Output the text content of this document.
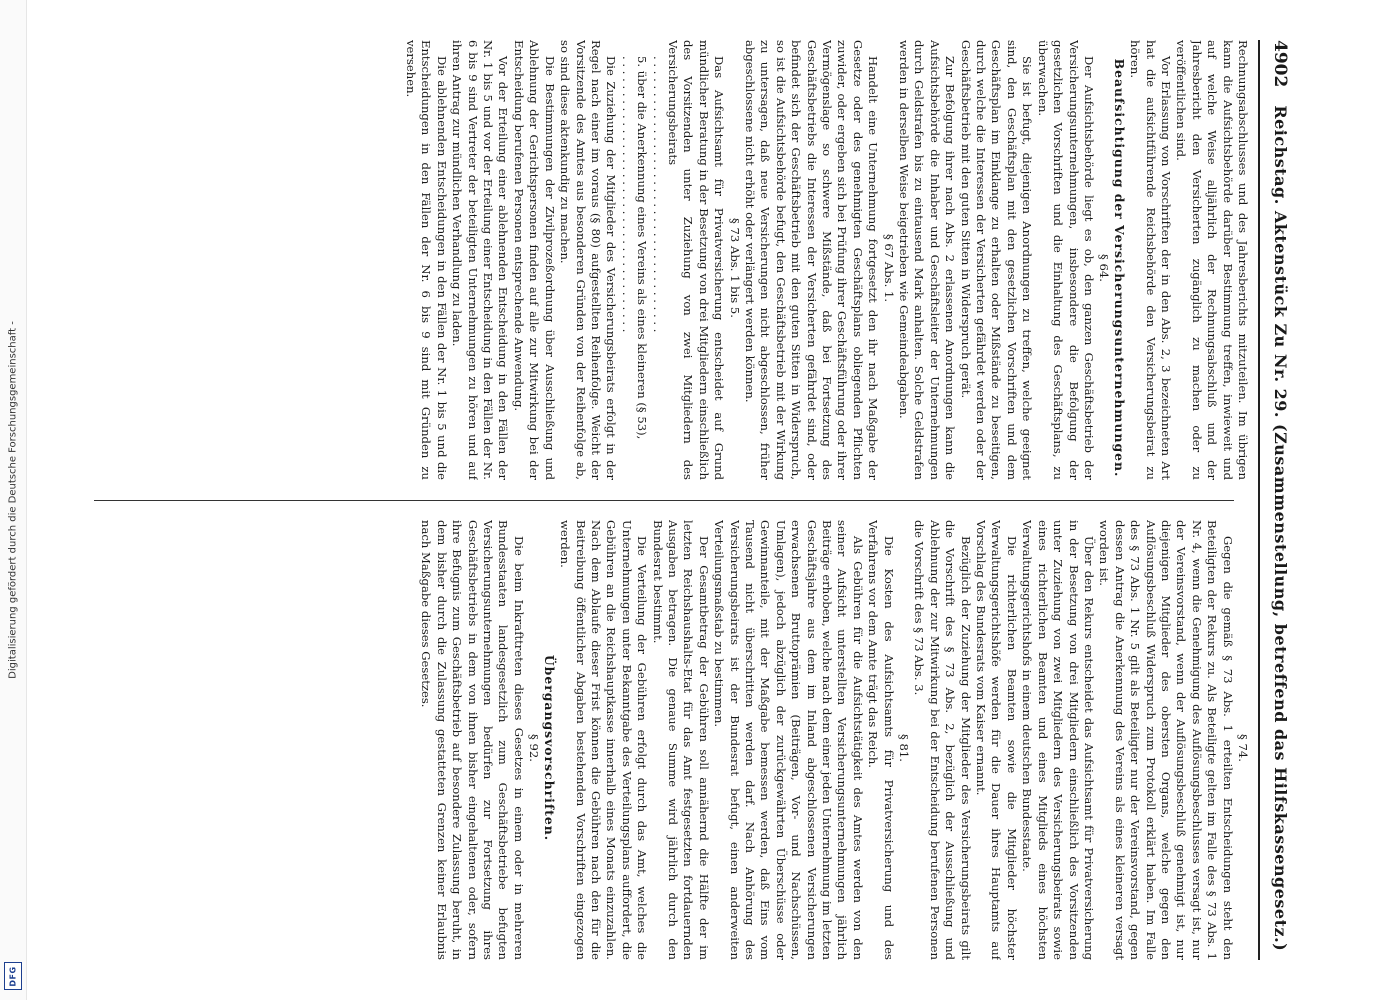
Digitalisierung gefördert durch die Deutsche Forschungsgemeinschaft -
DFG
4902
Reichstag. Aktenstück Zu Nr. 29. (Zusammenstellung, betreffend das Hilfskassengesetz.)

Rechnungsabschlusses und des Jahresberichts mitzuteilen. Im übrigen kann die Aufsichtsbehörde darüber Bestimmung treffen, inwieweit und auf welche Weise alljährlich der Rechnungsabschluß und der Jahresbericht den Versicherten zugänglich zu machen oder zu veröffentlichen sind.

Vor Erlassung von Vorschriften der in den Abs. 2, 3 bezeichneten Art hat die aufsichtführende Reichsbehörde den Versicherungsbeirat zu hören.

Beaufsichtigung der Versicherungsunternehmungen.

§ 64.

Der Aufsichtsbehörde liegt es ob, den ganzen Geschäftsbetrieb der Versicherungsunternehmungen, insbesondere die Befolgung der gesetzlichen Vorschriften und die Einhaltung des Geschäftsplans, zu überwachen.

Sie ist befugt, diejenigen Anordnungen zu treffen, welche geeignet sind, den Geschäftsplan mit den gesetzlichen Vorschriften und dem Geschäftsplan im Einklange zu erhalten oder Mißstände zu beseitigen, durch welche die Interessen der Versicherten gefährdet werden oder der Geschäftsbetrieb mit den guten Sitten in Widerspruch gerät.

Zur Befolgung ihrer nach Abs. 2 erlassenen Anordnungen kann die Aufsichtsbehörde die Inhaber und Geschäftsleiter der Unternehmungen durch Geldstrafen bis zu eintausend Mark anhalten. Solche Geldstrafen werden in derselben Weise beigetrieben wie Gemeindeabgaben.

§ 67 Abs. 1.

Handelt eine Unternehmung fortgesetzt den ihr nach Maßgabe der Gesetze oder des genehmigten Geschäftsplans obliegenden Pflichten zuwider, oder ergeben sich bei Prüfung ihrer Geschäftsführung oder ihrer Vermögenslage so schwere Mißstände, daß bei Fortsetzung des Geschäftsbetriebs die Interessen der Versicherten gefährdet sind, oder befindet sich der Geschäftsbetrieb mit den guten Sitten in Widerspruch, so ist die Aufsichtsbehörde befugt, den Geschäftsbetrieb mit der Wirkung zu untersagen, daß neue Versicherungen nicht abgeschlossen, früher abgeschlossene nicht erhöht oder verlängert werden können.

§ 73 Abs. 1 bis 5.

Das Aufsichtsamt für Privatversicherung entscheidet auf Grund mündlicher Beratung in der Besetzung von drei Mitgliedern einschließlich des Vorsitzenden unter Zuziehung von zwei Mitgliedern des Versicherungsbeirats

. . . . . . . . . . . . . . . . . . . . . . . . . . . . . . . . . . . . . .

5. über die Anerkennung eines Vereins als eines kleineren (§ 53),

. . . . . . . . . . . . . . . . . . . . . . . . . . . . . . . . . . . . . .

Die Zuziehung der Mitglieder des Versicherungsbeirats erfolgt in der Regel nach einer im voraus (§ 80) aufgestellten Reihenfolge. Weicht der Vorsitzende des Amtes aus besonderen Gründen von der Reihenfolge ab, so sind diese aktenkundig zu machen.

Die Bestimmungen der Zivilprozeßordnung über Ausschließung und Ablehnung der Gerichtspersonen finden auf alle zur Mitwirkung bei der Entscheidung berufenen Personen entsprechende Anwendung.

Vor der Erteilung einer ablehnenden Entscheidung in den Fällen der Nr. 1 bis 5 und vor der Erteilung einer Entscheidung in den Fällen der Nr. 6 bis 9 sind Vertreter der beteiligten Unternehmungen zu hören und auf ihren Antrag zur mündlichen Verhandlung zu laden.

Die ablehnenden Entscheidungen in den Fällen der Nr. 1 bis 5 und die Entscheidungen in den Fällen der Nr. 6 bis 9 sind mit Gründen zu versehen.

§ 74.

Gegen die gemäß § 73 Abs. 1 erteilten Entscheidungen steht den Beteiligten der Rekurs zu. Als Beteiligte gelten im Falle des § 73 Abs. 1 Nr. 4, wenn die Genehmigung des Auflösungsbeschlusses versagt ist, nur der Vereinsvorstand, wenn der Auflösungsbeschluß genehmigt ist, nur diejenigen Mitglieder des obersten Organs, welche gegen den Auflösungsbeschluß Widerspruch zum Protokoll erklärt haben. Im Falle des § 73 Abs. 1 Nr. 5 gilt als Beteiligter nur der Vereinsvorstand, gegen dessen Antrag die Anerkennung des Vereins als eines kleineren versagt worden ist.

Über den Rekurs entscheidet das Aufsichtsamt für Privatversicherung in der Besetzung von drei Mitgliedern einschließlich des Vorsitzenden unter Zuziehung von zwei Mitgliedern des Versicherungsbeirats sowie eines richterlichen Beamten und eines Mitglieds eines höchsten Verwaltungsgerichtshofs in einem deutschen Bundesstaate.

Die richterlichen Beamten sowie die Mitglieder höchster Verwaltungsgerichtshöfe werden für die Dauer ihres Hauptamts auf Vorschlag des Bundesrats vom Kaiser ernannt.

Bezüglich der Zuziehung der Mitglieder des Versicherungsbeirats gilt die Vorschrift des § 73 Abs. 2, bezüglich der Ausschließung und Ablehnung der zur Mitwirkung bei der Entscheidung berufenen Personen die Vorschrift des § 73 Abs. 3.

§ 81.

Die Kosten des Aufsichtsamts für Privatversicherung und des Verfahrens vor dem Amte trägt das Reich.

Als Gebühren für die Aufsichtstätigkeit des Amtes werden von den seiner Aufsicht unterstellten Versicherungsunternehmungen jährlich Beiträge erhoben, welche nach dem einer jeden Unternehmung im letzten Geschäftsjahre aus dem im Inland abgeschlossenen Versicherungen erwachsenen Bruttoprämien (Beiträgen, Vor- und Nachschüssen, Umlagen), jedoch abzüglich der zurückgewährten Überschüsse oder Gewinnanteile, mit der Maßgabe bemessen werden, daß Eins vom Tausend nicht überschritten werden darf. Nach Anhörung des Versicherungsbeirats ist der Bundesrat befugt, einen anderweiten Verteilungsmaßstab zu bestimmen.

Der Gesamtbetrag der Gebühren soll annähernd die Hälfte der im letzten Reichshaushalts-Etat für das Amt festgesetzten fortdauernden Ausgaben betragen. Die genaue Summe wird jährlich durch den Bundesrat bestimmt.

Die Verteilung der Gebühren erfolgt durch das Amt, welches die Unternehmungen unter Bekanntgabe des Verteilungsplans auffordert, die Gebühren an die Reichshauptkasse innerhalb eines Monats einzuzahlen. Nach dem Ablaufe dieser Frist können die Gebühren nach den für die Beitreibung öffentlicher Abgaben bestehenden Vorschriften eingezogen werden.

Übergangsvorschriften.

§ 92.

Die beim Inkrafttreten dieses Gesetzes in einem oder in mehreren Bundesstaaten landesgesetzlich zum Geschäftsbetriebe befugten Versicherungsunternehmungen bedürfen zur Fortsetzung ihres Geschäftsbetriebs in dem von ihnen bisher eingehaltenen oder, sofern ihre Befugnis zum Geschäftsbetrieb auf besondere Zulassung beruht, in dem bisher durch die Zulassung gestatteten Grenzen keiner Erlaubnis nach Maßgabe dieses Gesetzes.
